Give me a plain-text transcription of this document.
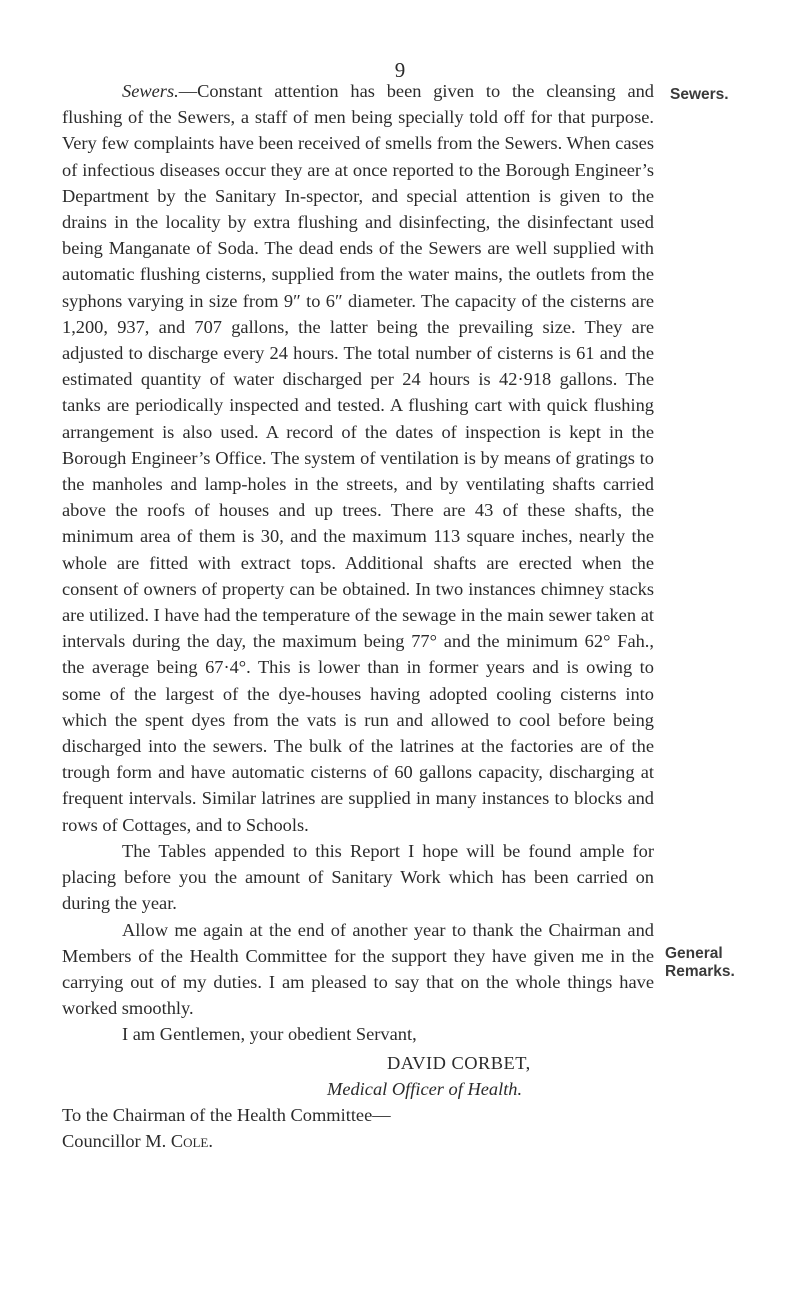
9
Sewers.
General Remarks.

Sewers.—Constant attention has been given to the cleansing and flushing of the Sewers, a staff of men being specially told off for that purpose. Very few complaints have been received of smells from the Sewers. When cases of infectious diseases occur they are at once reported to the Borough Engineer’s Department by the Sanitary In-spector, and special attention is given to the drains in the locality by extra flushing and disinfecting, the disinfectant used being Manganate of Soda. The dead ends of the Sewers are well supplied with automatic flushing cisterns, supplied from the water mains, the outlets from the syphons varying in size from 9″ to 6″ diameter. The capacity of the cisterns are 1,200, 937, and 707 gallons, the latter being the prevailing size. They are adjusted to discharge every 24 hours. The total number of cisterns is 61 and the estimated quantity of water discharged per 24 hours is 42·918 gallons. The tanks are periodically inspected and tested. A flushing cart with quick flushing arrangement is also used. A record of the dates of inspection is kept in the Borough Engineer’s Office. The system of ventilation is by means of gratings to the manholes and lamp-holes in the streets, and by ventilating shafts carried above the roofs of houses and up trees. There are 43 of these shafts, the minimum area of them is 30, and the maximum 113 square inches, nearly the whole are fitted with extract tops. Additional shafts are erected when the consent of owners of property can be obtained. In two instances chimney stacks are utilized. I have had the temperature of the sewage in the main sewer taken at intervals during the day, the maximum being 77° and the minimum 62° Fah., the average being 67·4°. This is lower than in former years and is owing to some of the largest of the dye-houses having adopted cooling cisterns into which the spent dyes from the vats is run and allowed to cool before being discharged into the sewers. The bulk of the latrines at the factories are of the trough form and have automatic cisterns of 60 gallons capacity, discharging at frequent intervals. Similar latrines are supplied in many instances to blocks and rows of Cottages, and to Schools.

The Tables appended to this Report I hope will be found ample for placing before you the amount of Sanitary Work which has been carried on during the year.

Allow me again at the end of another year to thank the Chairman and Members of the Health Committee for the support they have given me in the carrying out of my duties. I am pleased to say that on the whole things have worked smoothly.

I am Gentlemen, your obedient Servant,

DAVID CORBET,
Medical Officer of Health.
To the Chairman of the Health Committee—
Councillor M. Cole.
